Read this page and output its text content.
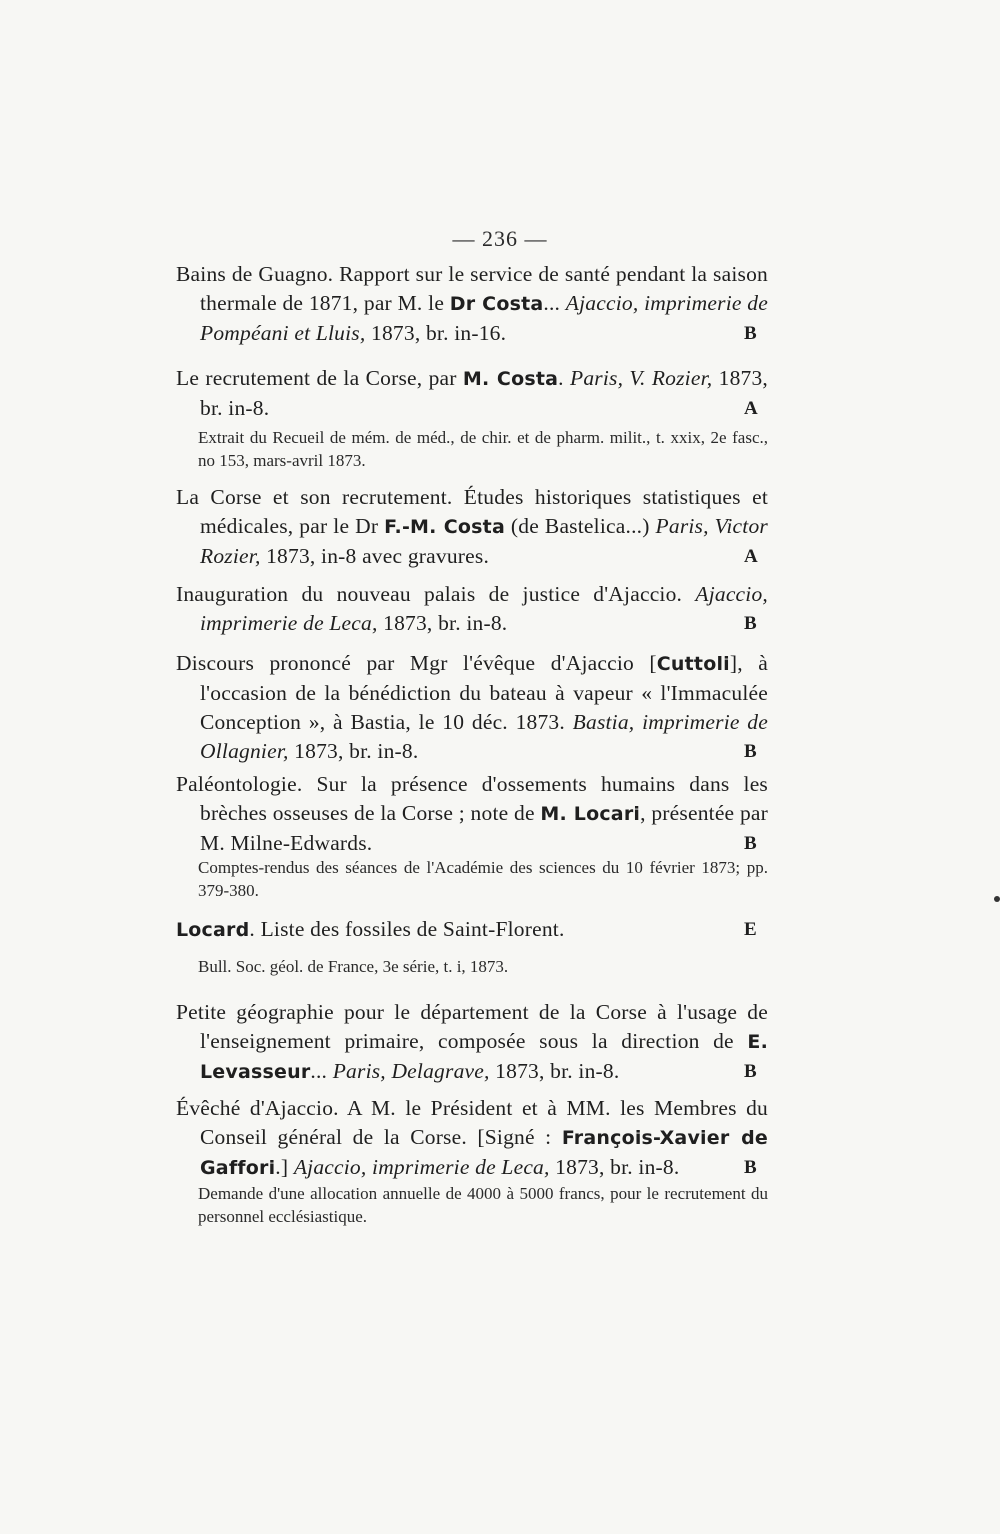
— 236 —

Bains de Guagno. Rapport sur le service de santé pendant la saison thermale de 1871, par M. le Dr Costa... Ajaccio, imprimerie de Pompéani et Lluis, 1873, br. in-16.	B

Le recrutement de la Corse, par M. Costa. Paris, V. Rozier, 1873, br. in-8.	A

Extrait du Recueil de mém. de méd., de chir. et de pharm. milit., t. xxix, 2e fasc., no 153, mars-avril 1873.

La Corse et son recrutement. Études historiques statistiques et médicales, par le Dr F.-M. Costa (de Bastelica...) Paris, Victor Rozier, 1873, in-8 avec gravures.	A

Inauguration du nouveau palais de justice d'Ajaccio. Ajaccio, imprimerie de Leca, 1873, br. in-8.	B

Discours prononcé par Mgr l'évêque d'Ajaccio [Cuttoli], à l'occasion de la bénédiction du bateau à vapeur « l'Immaculée Conception », à Bastia, le 10 déc. 1873. Bastia, imprimerie de Ollagnier, 1873, br. in-8.	B

Paléontologie. Sur la présence d'ossements humains dans les brèches osseuses de la Corse ; note de M. Locari, présentée par M. Milne-Edwards.	B

Comptes-rendus des séances de l'Académie des sciences du 10 février 1873; pp. 379-380.

Locard. Liste des fossiles de Saint-Florent.	E

Bull. Soc. géol. de France, 3e série, t. i, 1873.

Petite géographie pour le département de la Corse à l'usage de l'enseignement primaire, composée sous la direction de E. Levasseur... Paris, Delagrave, 1873, br. in-8.	B

Évêché d'Ajaccio. A M. le Président et à MM. les Membres du Conseil général de la Corse. [Signé : François-Xavier de Gaffori.] Ajaccio, imprimerie de Leca, 1873, br. in-8.	B

Demande d'une allocation annuelle de 4000 à 5000 francs, pour le recrutement du personnel ecclésiastique.
